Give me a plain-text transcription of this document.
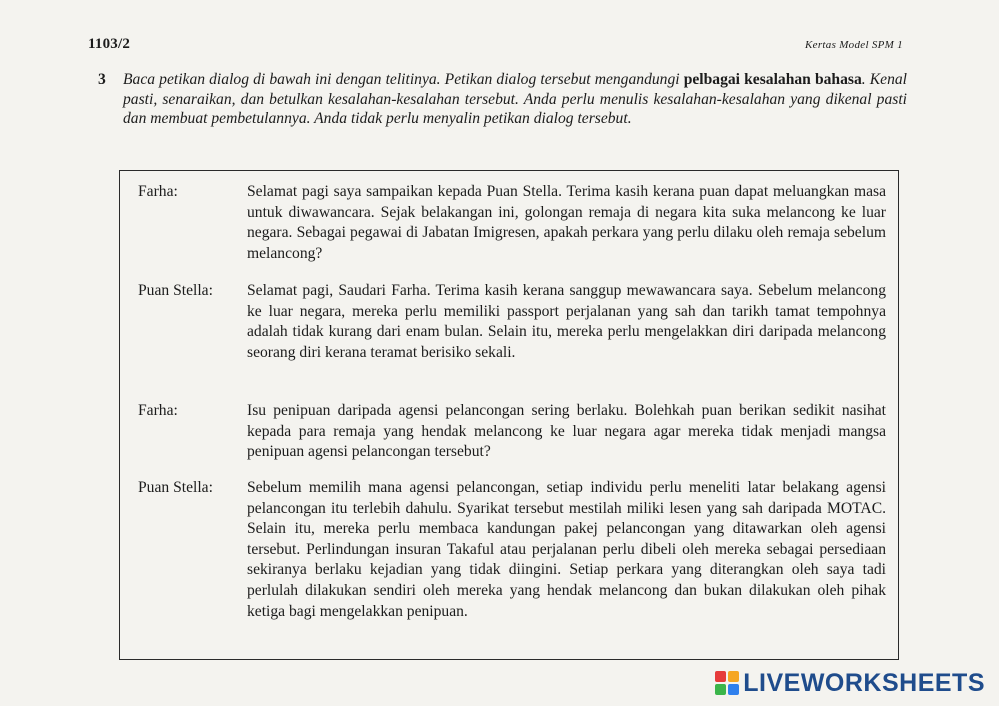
1103/2	Kertas Model SPM 1
3 Baca petikan dialog di bawah ini dengan telitinya. Petikan dialog tersebut mengandungi pelbagai kesalahan bahasa. Kenal pasti, senaraikan, dan betulkan kesalahan-kesalahan tersebut. Anda perlu menulis kesalahan-kesalahan yang dikenal pasti dan membuat pembetulannya. Anda tidak perlu menyalin petikan dialog tersebut.
Farha:	Selamat pagi saya sampaikan kepada Puan Stella. Terima kasih kerana puan dapat meluangkan masa untuk diwawancara. Sejak belakangan ini, golongan remaja di negara kita suka melancong ke luar negara. Sebagai pegawai di Jabatan Imigresen, apakah perkara yang perlu dilaku oleh remaja sebelum melancong?
Puan Stella: Selamat pagi, Saudari Farha. Terima kasih kerana sanggup mewawancara saya. Sebelum melancong ke luar negara, mereka perlu memiliki passport perjalanan yang sah dan tarikh tamat tempohnya adalah tidak kurang dari enam bulan. Selain itu, mereka perlu mengelakkan diri daripada melancong seorang diri kerana teramat berisiko sekali.
Farha:	Isu penipuan daripada agensi pelancongan sering berlaku. Bolehkah puan berikan sedikit nasihat kepada para remaja yang hendak melancong ke luar negara agar mereka tidak menjadi mangsa penipuan agensi pelancongan tersebut?
Puan Stella: Sebelum memilih mana agensi pelancongan, setiap individu perlu meneliti latar belakang agensi pelancongan itu terlebih dahulu. Syarikat tersebut mestilah miliki lesen yang sah daripada MOTAC. Selain itu, mereka perlu membaca kandungan pakej pelancongan yang ditawarkan oleh agensi tersebut. Perlindungan insuran Takaful atau perjalanan perlu dibeli oleh mereka sebagai persediaan sekiranya berlaku kejadian yang tidak diingini. Setiap perkara yang diterangkan oleh saya tadi perlulah dilakukan sendiri oleh mereka yang hendak melancong dan bukan dilakukan oleh pihak ketiga bagi mengelakkan penipuan.
LIVEWORKSHEETS
